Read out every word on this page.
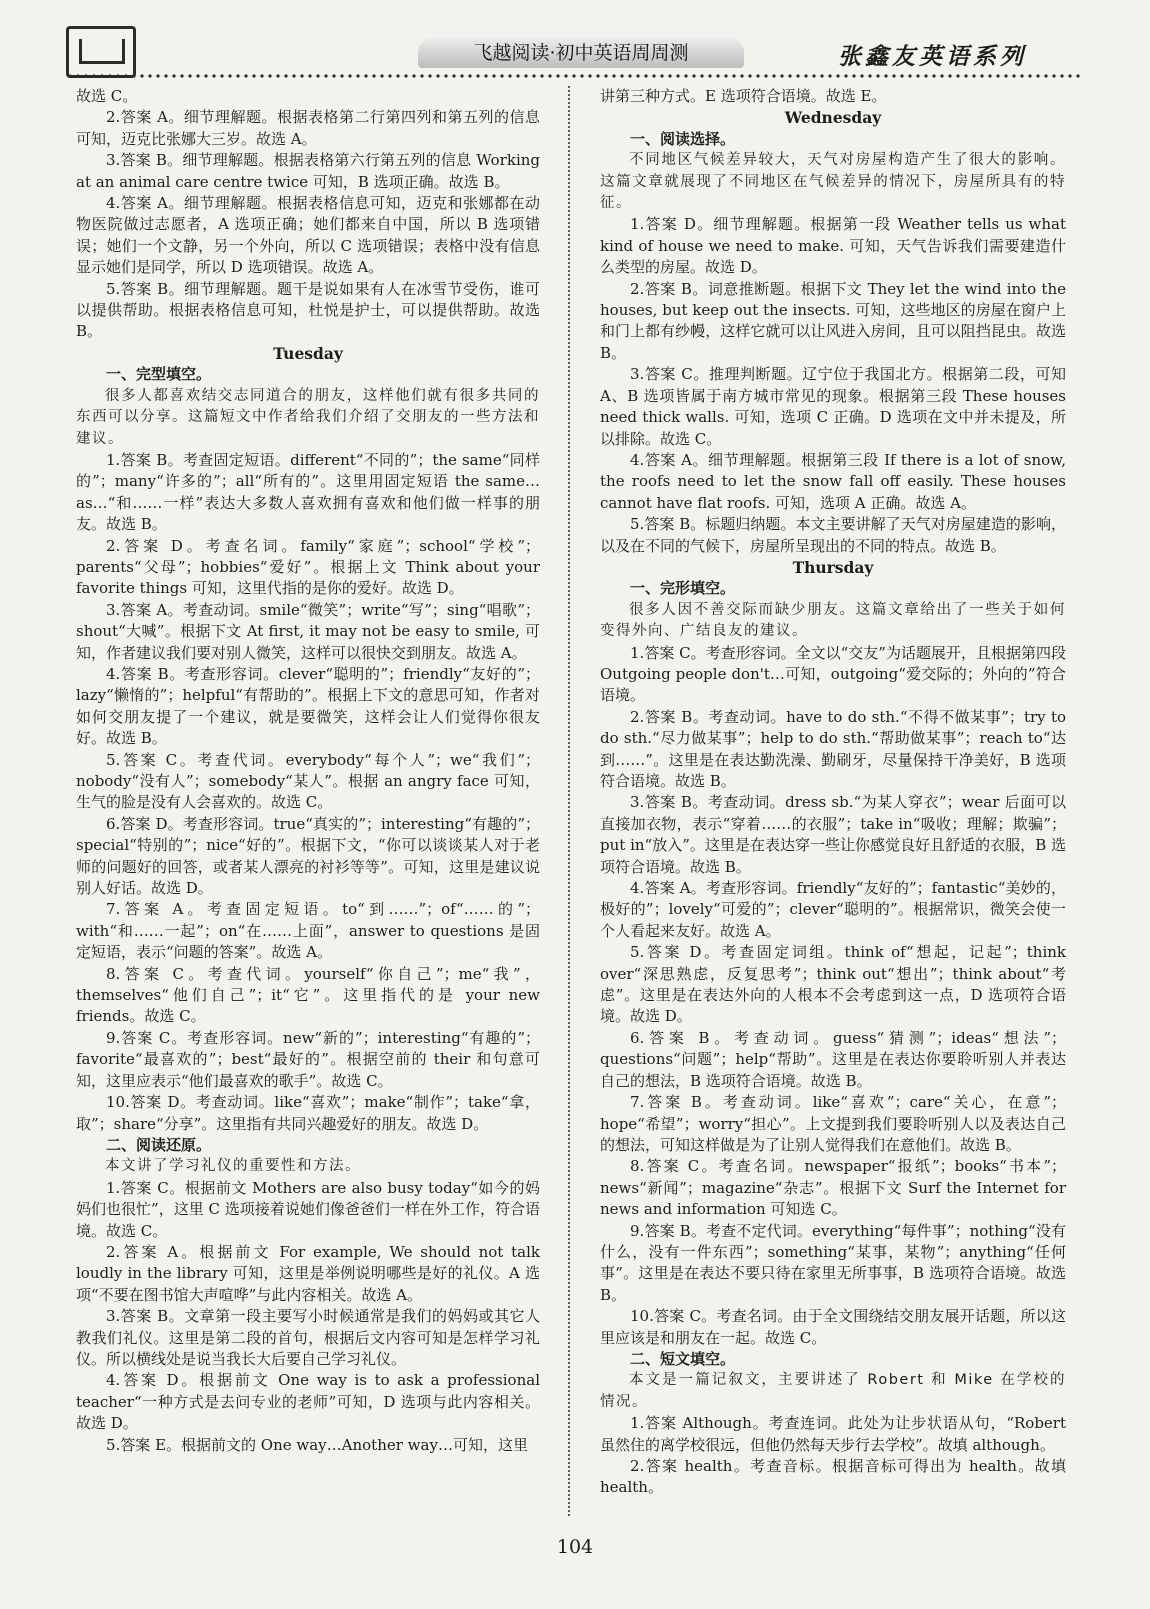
飞越阅读·初中英语周周测	张鑫友英语系列

故选 C。

2.答案 A。细节理解题。根据表格第二行第四列和第五列的信息可知，迈克比张娜大三岁。故选 A。

3.答案 B。细节理解题。根据表格第六行第五列的信息 Working at an animal care centre twice 可知，B 选项正确。故选 B。

4.答案 A。细节理解题。根据表格信息可知，迈克和张娜都在动物医院做过志愿者，A 选项正确；她们都来自中国，所以 B 选项错误；她们一个文静，另一个外向，所以 C 选项错误；表格中没有信息显示她们是同学，所以 D 选项错误。故选 A。

5.答案 B。细节理解题。题干是说如果有人在冰雪节受伤，谁可以提供帮助。根据表格信息可知，杜悦是护士，可以提供帮助。故选 B。

Tuesday

一、完型填空。

很多人都喜欢结交志同道合的朋友，这样他们就有很多共同的东西可以分享。这篇短文中作者给我们介绍了交朋友的一些方法和建议。

1.答案 B。考查固定短语。different“不同的”；the same“同样的”；many“许多的”；all“所有的”。这里用固定短语 the same…as…“和……一样”表达大多数人喜欢拥有喜欢和他们做一样事的朋友。故选 B。

2.答案 D。考查名词。family“家庭”；school“学校”；parents“父母”；hobbies“爱好”。根据上文 Think about your favorite things 可知，这里代指的是你的爱好。故选 D。

3.答案 A。考查动词。smile“微笑”；write“写”；sing“唱歌”；shout“大喊”。根据下文 At first, it may not be easy to smile, 可知，作者建议我们要对别人微笑，这样可以很快交到朋友。故选 A。

4.答案 B。考查形容词。clever“聪明的”；friendly“友好的”；lazy“懒惰的”；helpful“有帮助的”。根据上下文的意思可知，作者对如何交朋友提了一个建议，就是要微笑，这样会让人们觉得你很友好。故选 B。

5.答案 C。考查代词。everybody“每个人”；we“我们”；nobody“没有人”；somebody“某人”。根据 an angry face 可知，生气的脸是没有人会喜欢的。故选 C。

6.答案 D。考查形容词。true“真实的”；interesting“有趣的”；special“特别的”；nice“好的”。根据下文，“你可以谈谈某人对于老师的问题好的回答，或者某人漂亮的衬衫等等”。可知，这里是建议说别人好话。故选 D。

7.答案 A。考查固定短语。to“到……”；of“……的”；with“和……一起”；on“在……上面”，answer to questions 是固定短语，表示“问题的答案”。故选 A。

8.答案 C。考查代词。yourself“你自己”；me“我”，themselves“他们自己”；it“它”。这里指代的是 your new friends。故选 C。

9.答案 C。考查形容词。new“新的”；interesting“有趣的”；favorite“最喜欢的”；best“最好的”。根据空前的 their 和句意可知，这里应表示“他们最喜欢的歌手”。故选 C。

10.答案 D。考查动词。like“喜欢”；make“制作”；take“拿，取”；share“分享”。这里指有共同兴趣爱好的朋友。故选 D。

二、阅读还原。

本文讲了学习礼仪的重要性和方法。

1.答案 C。根据前文 Mothers are also busy today“如今的妈妈们也很忙”，这里 C 选项接着说她们像爸爸们一样在外工作，符合语境。故选 C。

2.答案 A。根据前文 For example, We should not talk loudly in the library 可知，这里是举例说明哪些是好的礼仪。A 选项“不要在图书馆大声喧哗”与此内容相关。故选 A。

3.答案 B。文章第一段主要写小时候通常是我们的妈妈或其它人教我们礼仪。这里是第二段的首句，根据后文内容可知是怎样学习礼仪。所以横线处是说当我长大后要自己学习礼仪。

4.答案 D。根据前文 One way is to ask a professional teacher“一种方式是去问专业的老师”可知，D 选项与此内容相关。故选 D。

5.答案 E。根据前文的 One way…Another way…可知，这里

讲第三种方式。E 选项符合语境。故选 E。

Wednesday

一、阅读选择。

不同地区气候差异较大，天气对房屋构造产生了很大的影响。这篇文章就展现了不同地区在气候差异的情况下，房屋所具有的特征。

1.答案 D。细节理解题。根据第一段 Weather tells us what kind of house we need to make. 可知，天气告诉我们需要建造什么类型的房屋。故选 D。

2.答案 B。词意推断题。根据下文 They let the wind into the houses, but keep out the insects. 可知，这些地区的房屋在窗户上和门上都有纱幔，这样它就可以让风进入房间，且可以阻挡昆虫。故选 B。

3.答案 C。推理判断题。辽宁位于我国北方。根据第二段，可知 A、B 选项皆属于南方城市常见的现象。根据第三段 These houses need thick walls. 可知，选项 C 正确。D 选项在文中并未提及，所以排除。故选 C。

4.答案 A。细节理解题。根据第三段 If there is a lot of snow, the roofs need to let the snow fall off easily. These houses cannot have flat roofs. 可知，选项 A 正确。故选 A。

5.答案 B。标题归纳题。本文主要讲解了天气对房屋建造的影响，以及在不同的气候下，房屋所呈现出的不同的特点。故选 B。

Thursday

一、完形填空。

很多人因不善交际而缺少朋友。这篇文章给出了一些关于如何变得外向、广结良友的建议。

1.答案 C。考查形容词。全文以“交友”为话题展开，且根据第四段 Outgoing people don't…可知，outgoing“爱交际的；外向的”符合语境。

2.答案 B。考查动词。have to do sth.“不得不做某事”；try to do sth.“尽力做某事”；help to do sth.“帮助做某事”；reach to“达到……”。这里是在表达勤洗澡、勤刷牙，尽量保持干净美好，B 选项符合语境。故选 B。

3.答案 B。考查动词。dress sb.“为某人穿衣”；wear 后面可以直接加衣物，表示“穿着……的衣服”；take in“吸收；理解；欺骗”；put in“放入”。这里是在表达穿一些让你感觉良好且舒适的衣服，B 选项符合语境。故选 B。

4.答案 A。考查形容词。friendly“友好的”；fantastic“美妙的，极好的”；lovely“可爱的”；clever“聪明的”。根据常识，微笑会使一个人看起来友好。故选 A。

5.答案 D。考查固定词组。think of“想起，记起”；think over“深思熟虑，反复思考”；think out“想出”；think about“考虑”。这里是在表达外向的人根本不会考虑到这一点，D 选项符合语境。故选 D。

6.答案 B。考查动词。guess“猜测”；ideas“想法”；questions“问题”；help“帮助”。这里是在表达你要聆听别人并表达自己的想法，B 选项符合语境。故选 B。

7.答案 B。考查动词。like“喜欢”；care“关心，在意”；hope“希望”；worry“担心”。上文提到我们要聆听别人以及表达自己的想法，可知这样做是为了让别人觉得我们在意他们。故选 B。

8.答案 C。考查名词。newspaper“报纸”；books“书本”；news“新闻”；magazine“杂志”。根据下文 Surf the Internet for news and information 可知选 C。

9.答案 B。考查不定代词。everything“每件事”；nothing“没有什么，没有一件东西”；something“某事，某物”；anything“任何事”。这里是在表达不要只待在家里无所事事，B 选项符合语境。故选 B。

10.答案 C。考查名词。由于全文围绕结交朋友展开话题，所以这里应该是和朋友在一起。故选 C。

二、短文填空。

本文是一篇记叙文，主要讲述了 Robert 和 Mike 在学校的情况。

1.答案 Although。考查连词。此处为让步状语从句，“Robert 虽然住的离学校很远，但他仍然每天步行去学校”。故填 although。

2.答案 health。考查音标。根据音标可得出为 health。故填 health。

104
